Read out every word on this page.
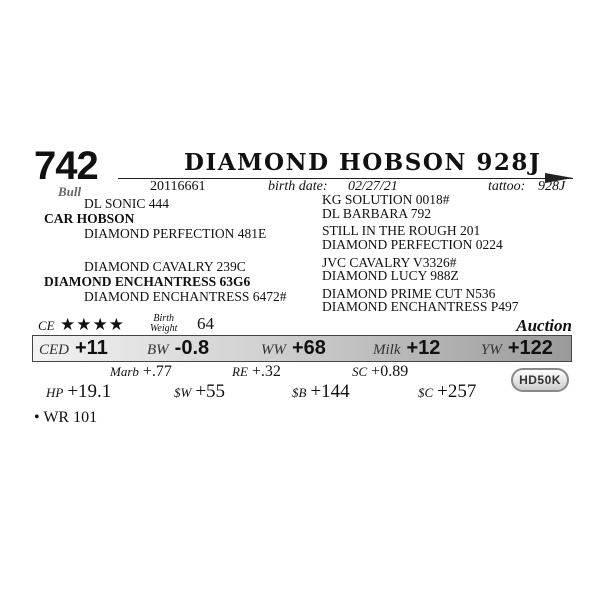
742
Bull
DIAMOND HOBSON 928J
20116661	birth date: 02/27/21	tattoo: 928J
DL SONIC 444
CAR HOBSON
DIAMOND PERFECTION 481E
DIAMOND CAVALRY 239C
DIAMOND ENCHANTRESS 63G6
DIAMOND ENCHANTRESS 6472#
KG SOLUTION 0018#
DL BARBARA 792
STILL IN THE ROUGH 201
DIAMOND PERFECTION 0224
JVC CAVALRY V3326#
DIAMOND LUCY 988Z
DIAMOND PRIME CUT N536
DIAMOND ENCHANTRESS P497
CE ★★★★	Birth
Weight 64	Auction
CED +11	BW -0.8	WW +68	Milk +12	YW +122
Marb +.77	RE +.32	SC +0.89	HD50K
HP +19.1	$W +55	$B +144	$C +257
• WR 101
